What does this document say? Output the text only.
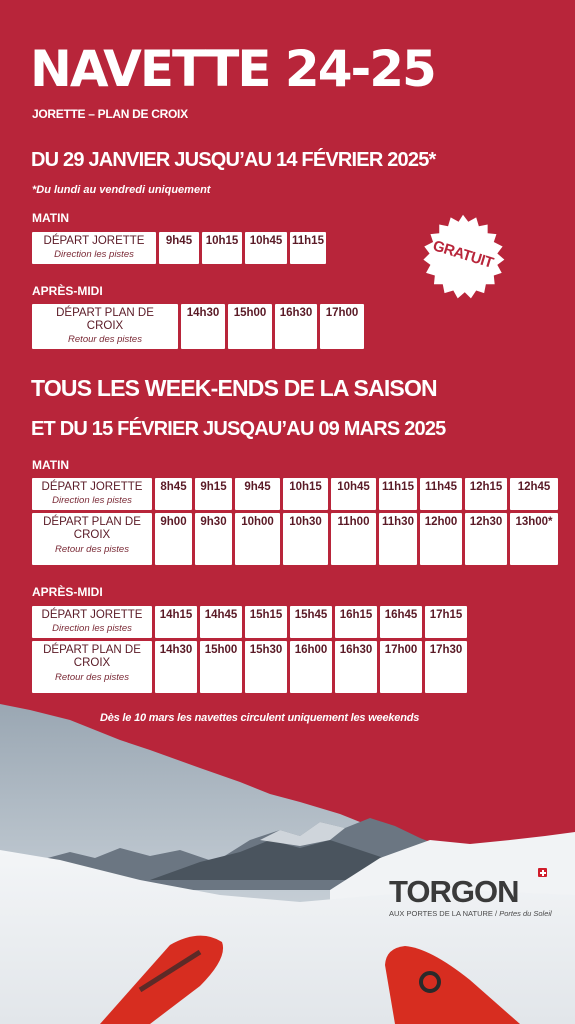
NAVETTE 24-25
JORETTE – PLAN DE CROIX
DU 29 JANVIER JUSQU’AU 14 FÉVRIER 2025*
*Du lundi au vendredi uniquement
MATIN
DÉPART JORETTE
Direction les pistes
	9h45	10h15	10h45	11h15
APRÈS-MIDI
DÉPART PLAN DE CROIX
Retour des pistes
	14h30	15h00	16h30	17h00
GRATUIT
TOUS LES WEEK-ENDS DE LA SAISON
ET DU 15 FÉVRIER JUSQAU’AU 09 MARS 2025
MATIN
DÉPART JORETTE
Direction les pistes	8h45	9h15	9h45	10h15	10h45	11h15	11h45	12h15	12h45

DÉPART PLAN DE CROIX
Retour des pistes	9h00	9h30	10h00	10h30	11h00	11h30	12h00	12h30	13h00*
APRÈS-MIDI
DÉPART JORETTE
Direction les pistes	14h15	14h45	15h15	15h45	16h15	16h45	17h15

DÉPART PLAN DE CROIX
Retour des pistes	14h30	15h00	15h30	16h00	16h30	17h00	17h30
Dès le 10 mars les navettes circulent uniquement les weekends
TORGON
AUX PORTES DE LA NATURE / Portes du Soleil
